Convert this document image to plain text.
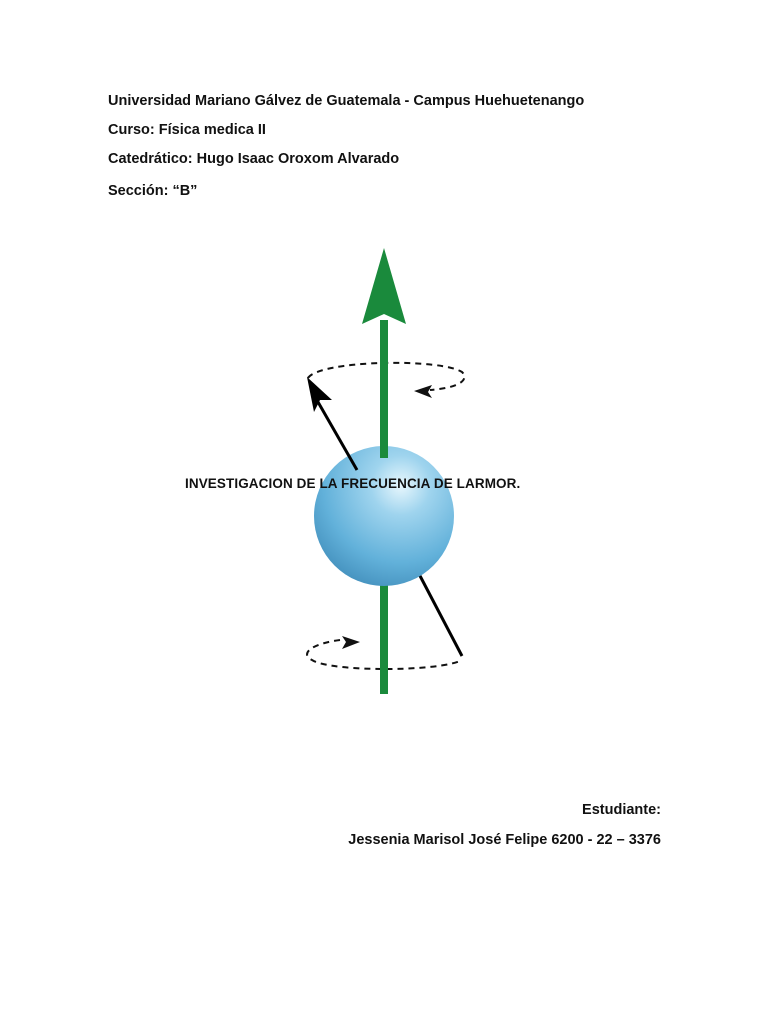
Universidad Mariano Gálvez de Guatemala - Campus Huehuetenango
Curso: Física medica II
Catedrático: Hugo Isaac Oroxom Alvarado
Sección: “B”
INVESTIGACION DE LA FRECUENCIA DE LARMOR.
Estudiante:
Jessenia Marisol José Felipe 6200 - 22 – 3376
